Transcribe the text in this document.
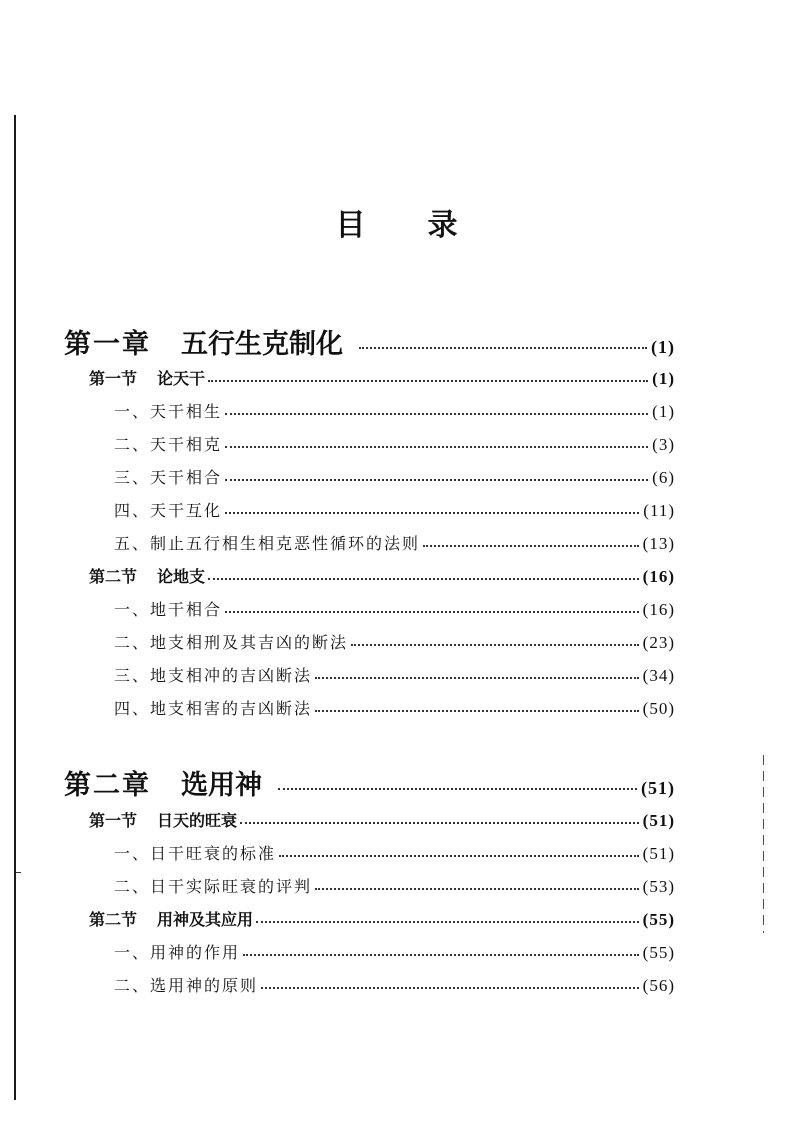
目 录
第一章 五行生克制化	(1)
第一节 论天干	(1)
一、天干相生	(1)
二、天干相克	(3)
三、天干相合	(6)
四、天干互化	(11)
五、制止五行相生相克恶性循环的法则	(13)
第二节 论地支	(16)
一、地干相合	(16)
二、地支相刑及其吉凶的断法	(23)
三、地支相冲的吉凶断法	(34)
四、地支相害的吉凶断法	(50)
第二章 选用神	(51)
第一节 日天的旺衰	(51)
一、日干旺衰的标准	(51)
二、日干实际旺衰的评判	(53)
第二节 用神及其应用	(55)
一、用神的作用	(55)
二、选用神的原则	(56)
